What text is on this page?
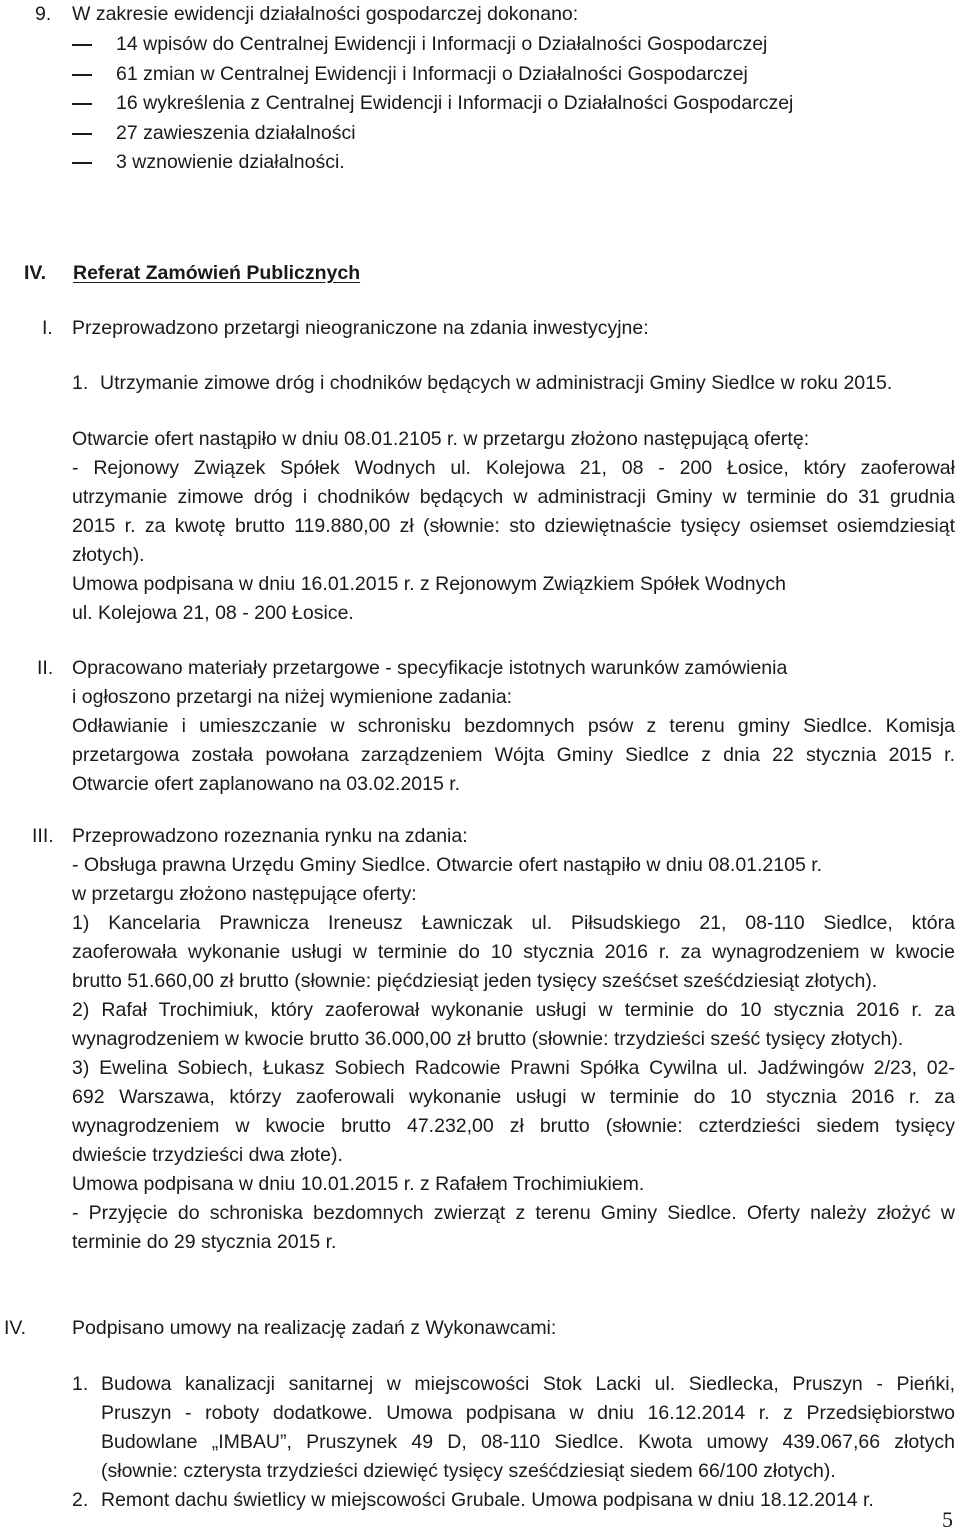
9. W zakresie ewidencji działalności gospodarczej dokonano:
14 wpisów do Centralnej Ewidencji i Informacji o Działalności Gospodarczej
61 zmian w Centralnej Ewidencji i Informacji o Działalności Gospodarczej
16 wykreślenia z Centralnej Ewidencji i Informacji o Działalności Gospodarczej
27 zawieszenia działalności
3 wznowienie działalności.
IV. Referat Zamówień Publicznych
I. Przeprowadzono przetargi nieograniczone na zdania inwestycyjne:
1. Utrzymanie zimowe dróg i chodników będących w administracji Gminy Siedlce w roku 2015.
Otwarcie ofert nastąpiło w dniu 08.01.2105 r. w przetargu złożono następującą ofertę:
- Rejonowy Związek Spółek Wodnych ul. Kolejowa 21, 08 - 200 Łosice, który zaoferował
utrzymanie zimowe dróg i chodników będących w administracji Gminy w terminie do 31 grudnia
2015 r. za kwotę brutto 119.880,00 zł (słownie: sto dziewiętnaście tysięcy osiemset osiemdziesiąt
złotych).
Umowa podpisana w dniu 16.01.2015 r. z Rejonowym Związkiem Spółek Wodnych
ul. Kolejowa 21, 08 - 200 Łosice.
II. Opracowano materiały przetargowe - specyfikacje istotnych warunków zamówienia
i ogłoszono przetargi na niżej wymienione zadania:
Odławianie i umieszczanie w schronisku bezdomnych psów z terenu gminy Siedlce. Komisja
przetargowa została powołana zarządzeniem Wójta Gminy Siedlce z dnia 22 stycznia 2015 r.
Otwarcie ofert zaplanowano na 03.02.2015 r.
III. Przeprowadzono rozeznania rynku na zdania:
- Obsługa prawna Urzędu Gminy Siedlce. Otwarcie ofert nastąpiło w dniu 08.01.2105 r.
w przetargu złożono następujące oferty:
1) Kancelaria Prawnicza Ireneusz Ławniczak ul. Piłsudskiego 21, 08-110 Siedlce, która
zaoferowała wykonanie usługi w terminie do 10 stycznia 2016 r. za wynagrodzeniem w kwocie
brutto 51.660,00 zł brutto (słownie: pięćdziesiąt jeden tysięcy sześćset sześćdziesiąt złotych).
2) Rafał Trochimiuk, który zaoferował wykonanie usługi w terminie do 10 stycznia 2016 r. za
wynagrodzeniem w kwocie brutto 36.000,00 zł brutto (słownie: trzydzieści sześć tysięcy złotych).
3) Ewelina Sobiech, Łukasz Sobiech Radcowie Prawni Spółka Cywilna ul. Jadźwingów 2/23, 02-
692 Warszawa, którzy zaoferowali wykonanie usługi w terminie do 10 stycznia 2016 r. za
wynagrodzeniem w kwocie brutto 47.232,00 zł brutto (słownie: czterdzieści siedem tysięcy
dwieście trzydzieści dwa złote).
Umowa podpisana w dniu 10.01.2015 r. z Rafałem Trochimiukiem.
- Przyjęcie do schroniska bezdomnych zwierząt z terenu Gminy Siedlce. Oferty należy złożyć w
terminie do 29 stycznia 2015 r.
IV. Podpisano umowy na realizację zadań z Wykonawcami:
1. Budowa kanalizacji sanitarnej w miejscowości Stok Lacki ul. Siedlecka, Pruszyn - Pieńki,
Pruszyn - roboty dodatkowe. Umowa podpisana w dniu 16.12.2014 r. z Przedsiębiorstwo
Budowlane „IMBAU”, Pruszynek 49 D, 08-110 Siedlce. Kwota umowy 439.067,66 złotych
(słownie: czterysta trzydzieści dziewięć tysięcy sześćdziesiąt siedem 66/100 złotych).
2. Remont dachu świetlicy w miejscowości Grubale. Umowa podpisana w dniu 18.12.2014 r.
5
